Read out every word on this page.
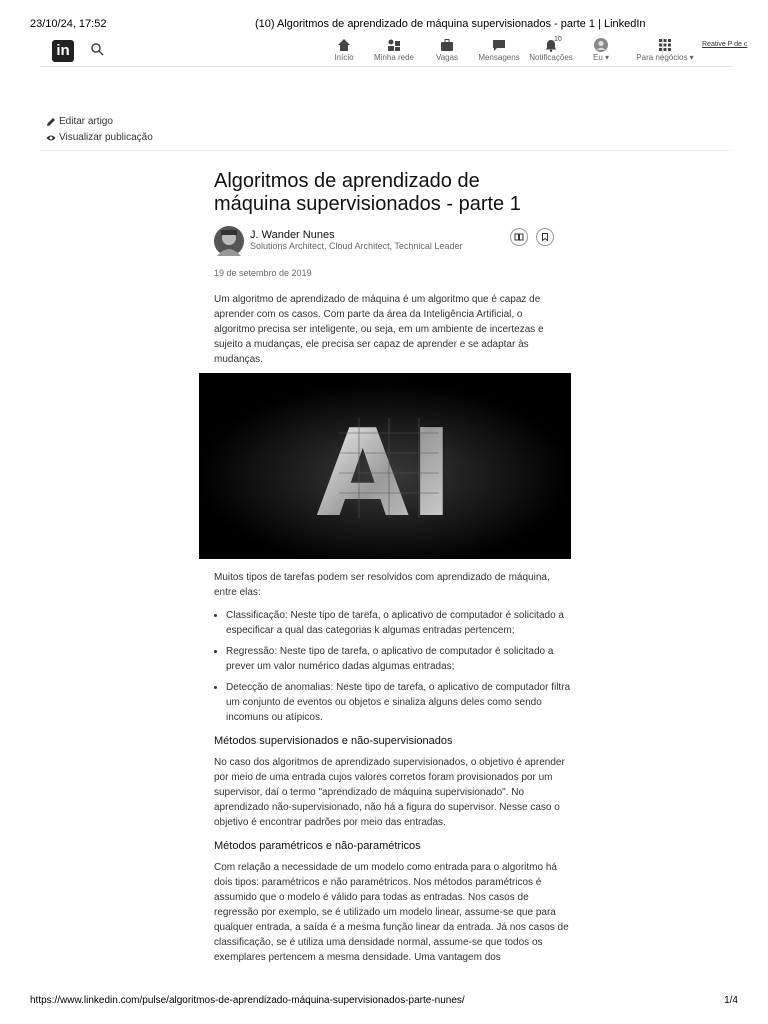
23/10/24, 17:52	(10) Algoritmos de aprendizado de máquina supervisionados - parte 1 | LinkedIn
in	Início	Minha rede	Vagas	Mensagens
10
Notificações	Eu ▾	Para negócios ▾
Reative P de c
Editar artigo
Visualizar publicação
Algoritmos de aprendizado de máquina supervisionados - parte 1
J. Wander Nunes
Solutions Architect, Cloud Architect, Technical Leader
19 de setembro de 2019

Um algoritmo de aprendizado de máquina é um algoritmo que é capaz de aprender com os casos. Com parte da área da Inteligência Artificial, o algoritmo precisa ser inteligente, ou seja, em um ambiente de incertezas e sujeito a mudanças, ele precisa ser capaz de aprender e se adaptar às mudanças.

AI

Muitos tipos de tarefas podem ser resolvidos com aprendizado de máquina, entre elas:

• Classificação: Neste tipo de tarefa, o aplicativo de computador é solicitado a especificar a qual das categorias k algumas entradas pertencem;
• Regressão: Neste tipo de tarefa, o aplicativo de computador é solicitado a prever um valor numérico dadas algumas entradas;
• Detecção de anomalias: Neste tipo de tarefa, o aplicativo de computador filtra um conjunto de eventos ou objetos e sinaliza alguns deles como sendo incomuns ou atípicos.
Métodos supervisionados e não-supervisionados

No caso dos algoritmos de aprendizado supervisionados, o objetivo é aprender por meio de uma entrada cujos valores corretos foram provisionados por um supervisor, daí o termo "aprendizado de máquina supervisionado". No aprendizado não-supervisionado, não há a figura do supervisor. Nesse caso o objetivo é encontrar padrões por meio das entradas.

Métodos paramétricos e não-paramétricos

Com relação a necessidade de um modelo como entrada para o algoritmo há dois tipos: paramétricos e não paramétricos. Nos métodos paramétricos é assumido que o modelo é válido para todas as entradas. Nos casos de regressão por exemplo, se é utilizado um modelo linear, assume-se que para qualquer entrada, a saída é a mesma função linear da entrada. Já nos casos de classificação, se é utiliza uma densidade normal, assume-se que todos os exemplares pertencem a mesma densidade. Uma vantagem dos

https://www.linkedin.com/pulse/algoritmos-de-aprendizado-máquina-supervisionados-parte-nunes/	1/4
